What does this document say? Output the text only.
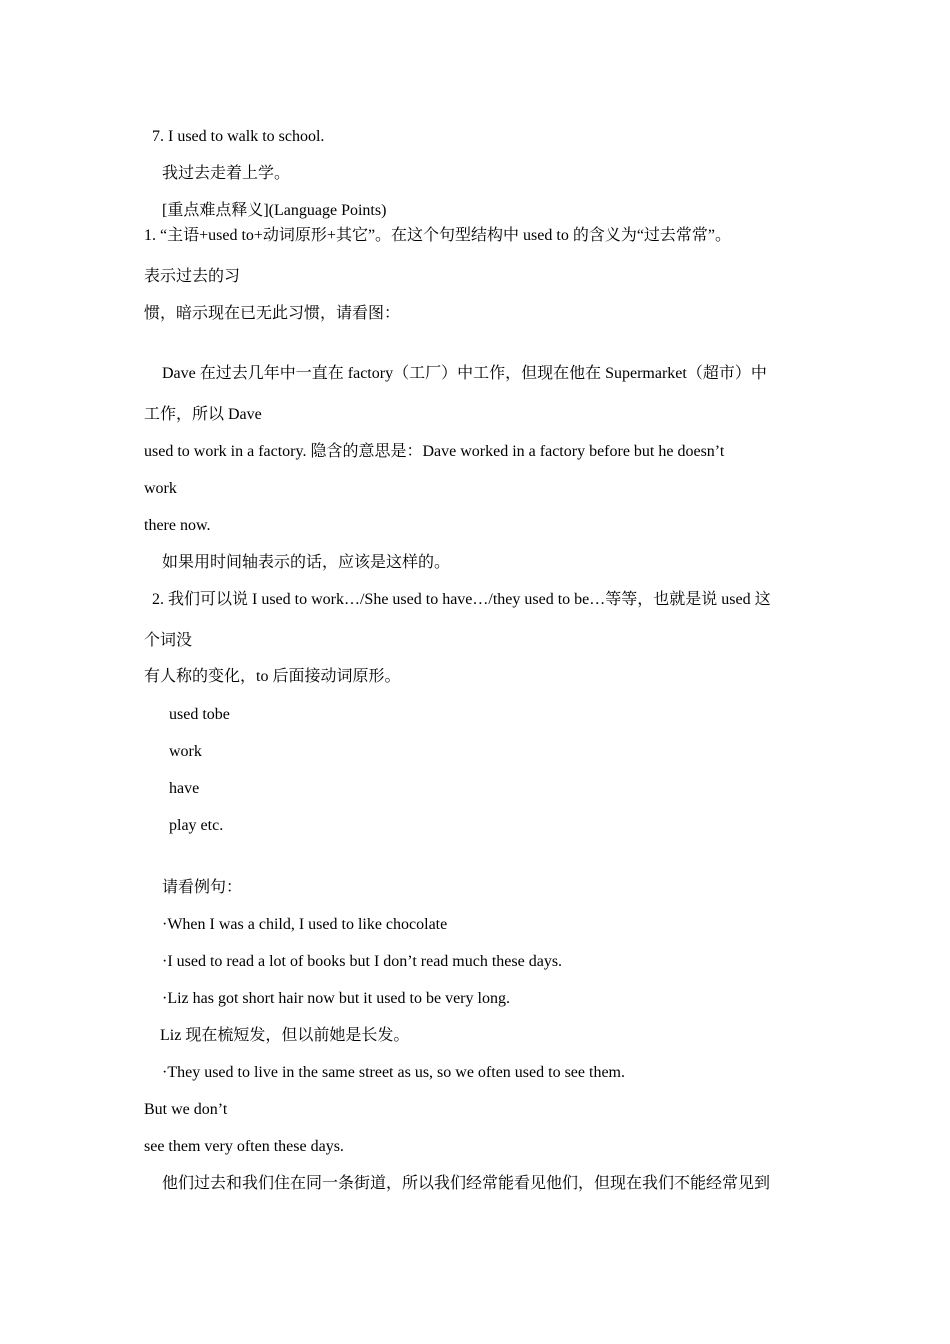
7. I used to walk to school.
我过去走着上学。
[重点难点释义](Language Points)
1. “主语+used to+动词原形+其它”。在这个句型结构中 used to 的含义为“过去常常”。
表示过去的习
惯，暗示现在已无此习惯，请看图：
Dave 在过去几年中一直在 factory（工厂）中工作，但现在他在 Supermarket（超市）中
工作，所以 Dave
used to work in a factory. 隐含的意思是：Dave worked in a factory before but he doesn’t
work
there now.
如果用时间轴表示的话，应该是这样的。
2. 我们可以说 I used to work…/She used to have…/they used to be…等等，也就是说 used 这
个词没
有人称的变化，to 后面接动词原形。
used tobe
work
have
play etc.
请看例句：
·When I was a child, I used to like chocolate
·I used to read a lot of books but I don’t read much these days.
·Liz has got short hair now but it used to be very long.
Liz 现在梳短发，但以前她是长发。
·They used to live in the same street as us, so we often used to see them.
But we don’t
see them very often these days.
他们过去和我们住在同一条街道，所以我们经常能看见他们，但现在我们不能经常见到
